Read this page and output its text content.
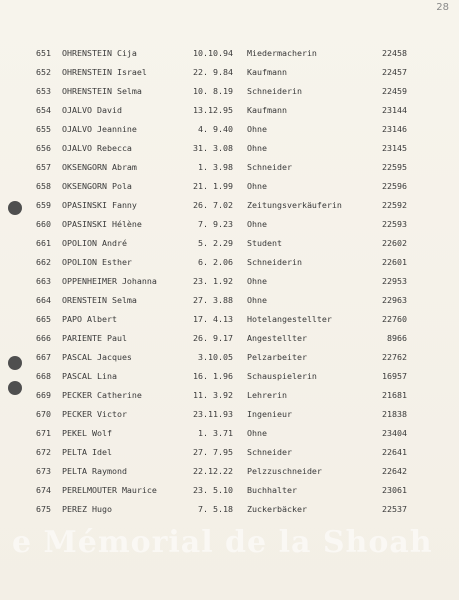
28
651 OHRENSTEIN Cija	10.10.94 Miedermacherin	22458
652 OHRENSTEIN Israel	22. 9.84 Kaufmann	22457
653 OHRENSTEIN Selma	10. 8.19 Schneiderin	22459
654 OJALVO David	13.12.95 Kaufmann	23144
655 OJALVO Jeannine	4. 9.40 Ohne	23146
656 OJALVO Rebecca	31. 3.08 Ohne	23145
657 OKSENGORN Abram	1. 3.98 Schneider	22595
658 OKSENGORN Pola	21. 1.99 Ohne	22596
659 OPASINSKI Fanny	26. 7.02 Zeitungsverkäuferin	22592
660 OPASINSKI Hélène	7. 9.23 Ohne	22593
661 OPOLION André	5. 2.29 Student	22602
662 OPOLION Esther	6. 2.06 Schneiderin	22601
663 OPPENHEIMER Johanna	23. 1.92 Ohne	22953
664 ORENSTEIN Selma	27. 3.88 Ohne	22963
665 PAPO Albert	17. 4.13 Hotelangestellter	22760
666 PARIENTE Paul	26. 9.17 Angestellter	8966
667 PASCAL Jacques	3.10.05 Pelzarbeiter	22762
668 PASCAL Lina	16. 1.96 Schauspielerin	16957
669 PECKER Catherine	11. 3.92 Lehrerin	21681
670 PECKER Victor	23.11.93 Ingenieur	21838
671 PEKEL Wolf	1. 3.71 Ohne	23404
672 PELTA Idel	27. 7.95 Schneider	22641
673 PELTA Raymond	22.12.22 Pelzzuschneider	22642
674 PERELMOUTER Maurice	23. 5.10 Buchhalter	23061
675 PEREZ Hugo	7. 5.18 Zuckerbäcker	22537
e Mémorial de la Shoah
